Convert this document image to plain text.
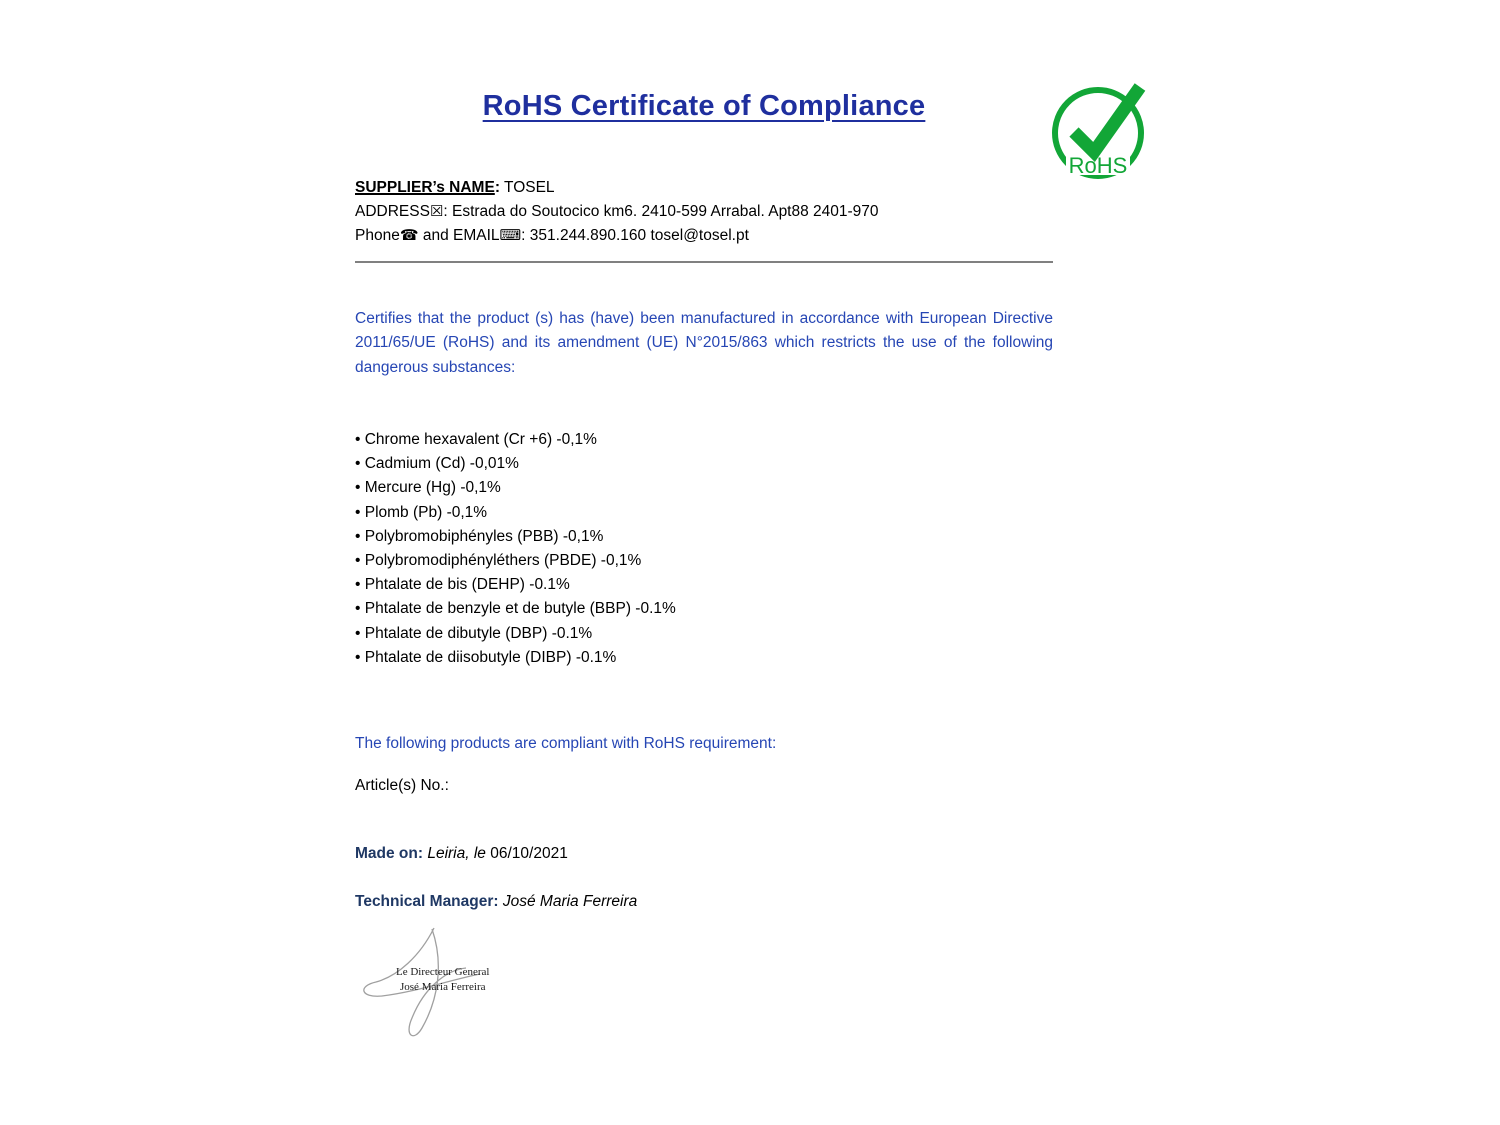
RoHS Certificate of Compliance
RoHS
SUPPLIER’s NAME: TOSEL
ADDRESS☒: Estrada do Soutocico km6. 2410-599 Arrabal. Apt88 2401-970
Phone☎ and EMAIL⌨: 351.244.890.160 tosel@tosel.pt

Certifies that the product (s) has (have) been manufactured in accordance with European Directive 2011/65/UE (RoHS) and its amendment (UE) N°2015/863 which restricts the use of the following dangerous substances:

• Chrome hexavalent (Cr +6) -0,1%
• Cadmium (Cd) -0,01%
• Mercure (Hg) -0,1%
• Plomb (Pb) -0,1%
• Polybromobiphényles (PBB) -0,1%
• Polybromodiphényléthers (PBDE) -0,1%
• Phtalate de bis (DEHP) -0.1%
• Phtalate de benzyle et de butyle (BBP) -0.1%
• Phtalate de dibutyle (DBP) -0.1%
• Phtalate de diisobutyle (DIBP) -0.1%

The following products are compliant with RoHS requirement:

Article(s) No.:

Made on: Leiria, le 06/10/2021

Technical Manager: José Maria Ferreira

Le Directeur General
José Maria Ferreira
